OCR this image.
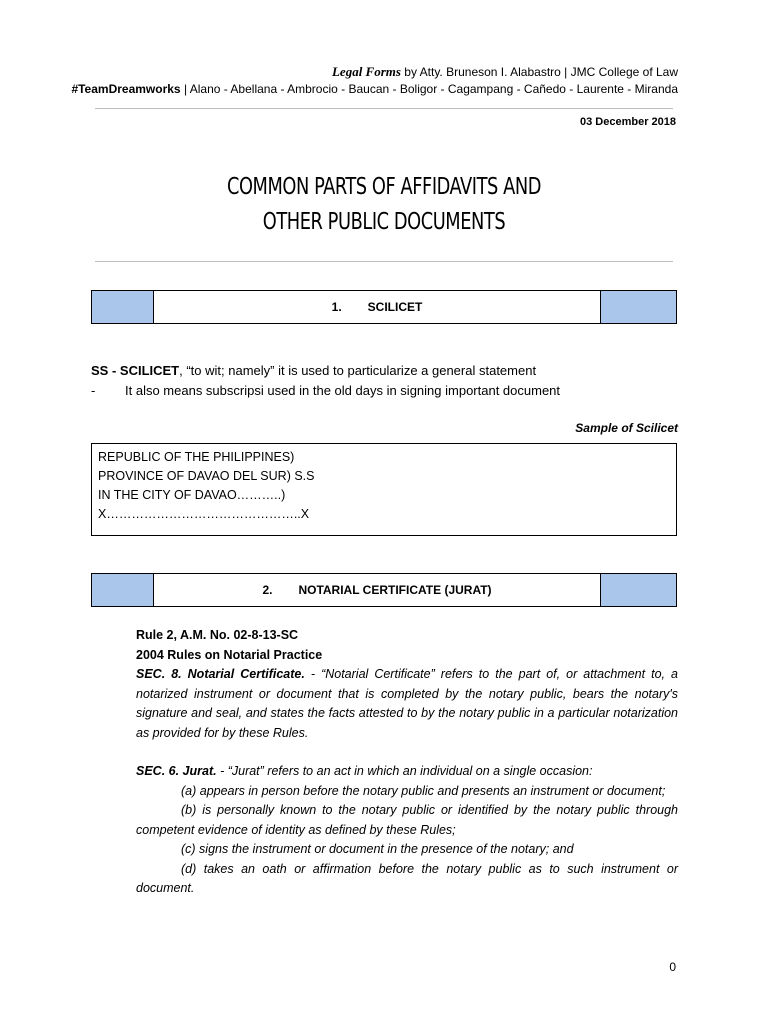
Legal Forms by Atty. Bruneson I. Alabastro | JMC College of Law
#TeamDreamworks | Alano - Abellana - Ambrocio - Baucan - Boligor - Cagampang - Cañedo - Laurente - Miranda
03 December 2018
COMMON PARTS OF AFFIDAVITS AND
OTHER PUBLIC DOCUMENTS
1. SCILICET
SS - SCILICET, “to wit; namely” it is used to particularize a general statement
- It also means subscripsi used in the old days in signing important document
Sample of Scilicet
REPUBLIC OF THE PHILIPPINES)
PROVINCE OF DAVAO DEL SUR) S.S
IN THE CITY OF DAVAO………..)
X………………………………………..X
2. NOTARIAL CERTIFICATE (JURAT)
Rule 2, A.M. No. 02-8-13-SC
2004 Rules on Notarial Practice
SEC. 8. Notarial Certificate. - “Notarial Certificate” refers to the part of, or attachment to, a notarized instrument or document that is completed by the notary public, bears the notary's signature and seal, and states the facts attested to by the notary public in a particular notarization as provided for by these Rules.
SEC. 6. Jurat. - “Jurat” refers to an act in which an individual on a single occasion:
(a) appears in person before the notary public and presents an instrument or document;
(b) is personally known to the notary public or identified by the notary public through competent evidence of identity as defined by these Rules;
(c) signs the instrument or document in the presence of the notary; and
(d) takes an oath or affirmation before the notary public as to such instrument or document.
0
